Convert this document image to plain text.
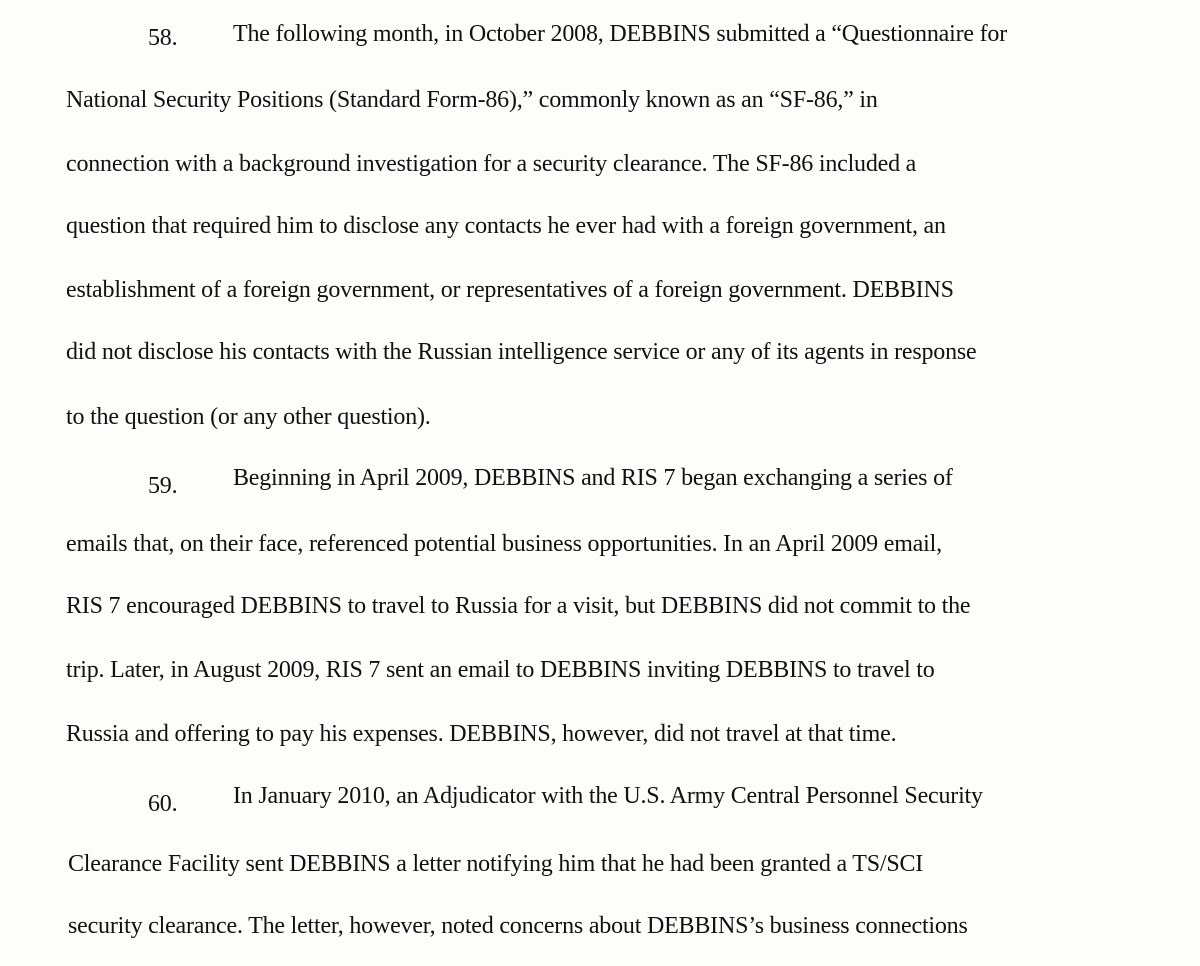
58. The following month, in October 2008, DEBBINS submitted a “Questionnaire for

National Security Positions (Standard Form-86),” commonly known as an “SF-86,” in

connection with a background investigation for a security clearance. The SF-86 included a

question that required him to disclose any contacts he ever had with a foreign government, an

establishment of a foreign government, or representatives of a foreign government. DEBBINS

did not disclose his contacts with the Russian intelligence service or any of its agents in response

to the question (or any other question).

59. Beginning in April 2009, DEBBINS and RIS 7 began exchanging a series of

emails that, on their face, referenced potential business opportunities. In an April 2009 email,

RIS 7 encouraged DEBBINS to travel to Russia for a visit, but DEBBINS did not commit to the

trip. Later, in August 2009, RIS 7 sent an email to DEBBINS inviting DEBBINS to travel to

Russia and offering to pay his expenses. DEBBINS, however, did not travel at that time.

60. In January 2010, an Adjudicator with the U.S. Army Central Personnel Security

Clearance Facility sent DEBBINS a letter notifying him that he had been granted a TS/SCI

security clearance. The letter, however, noted concerns about DEBBINS’s business connections
